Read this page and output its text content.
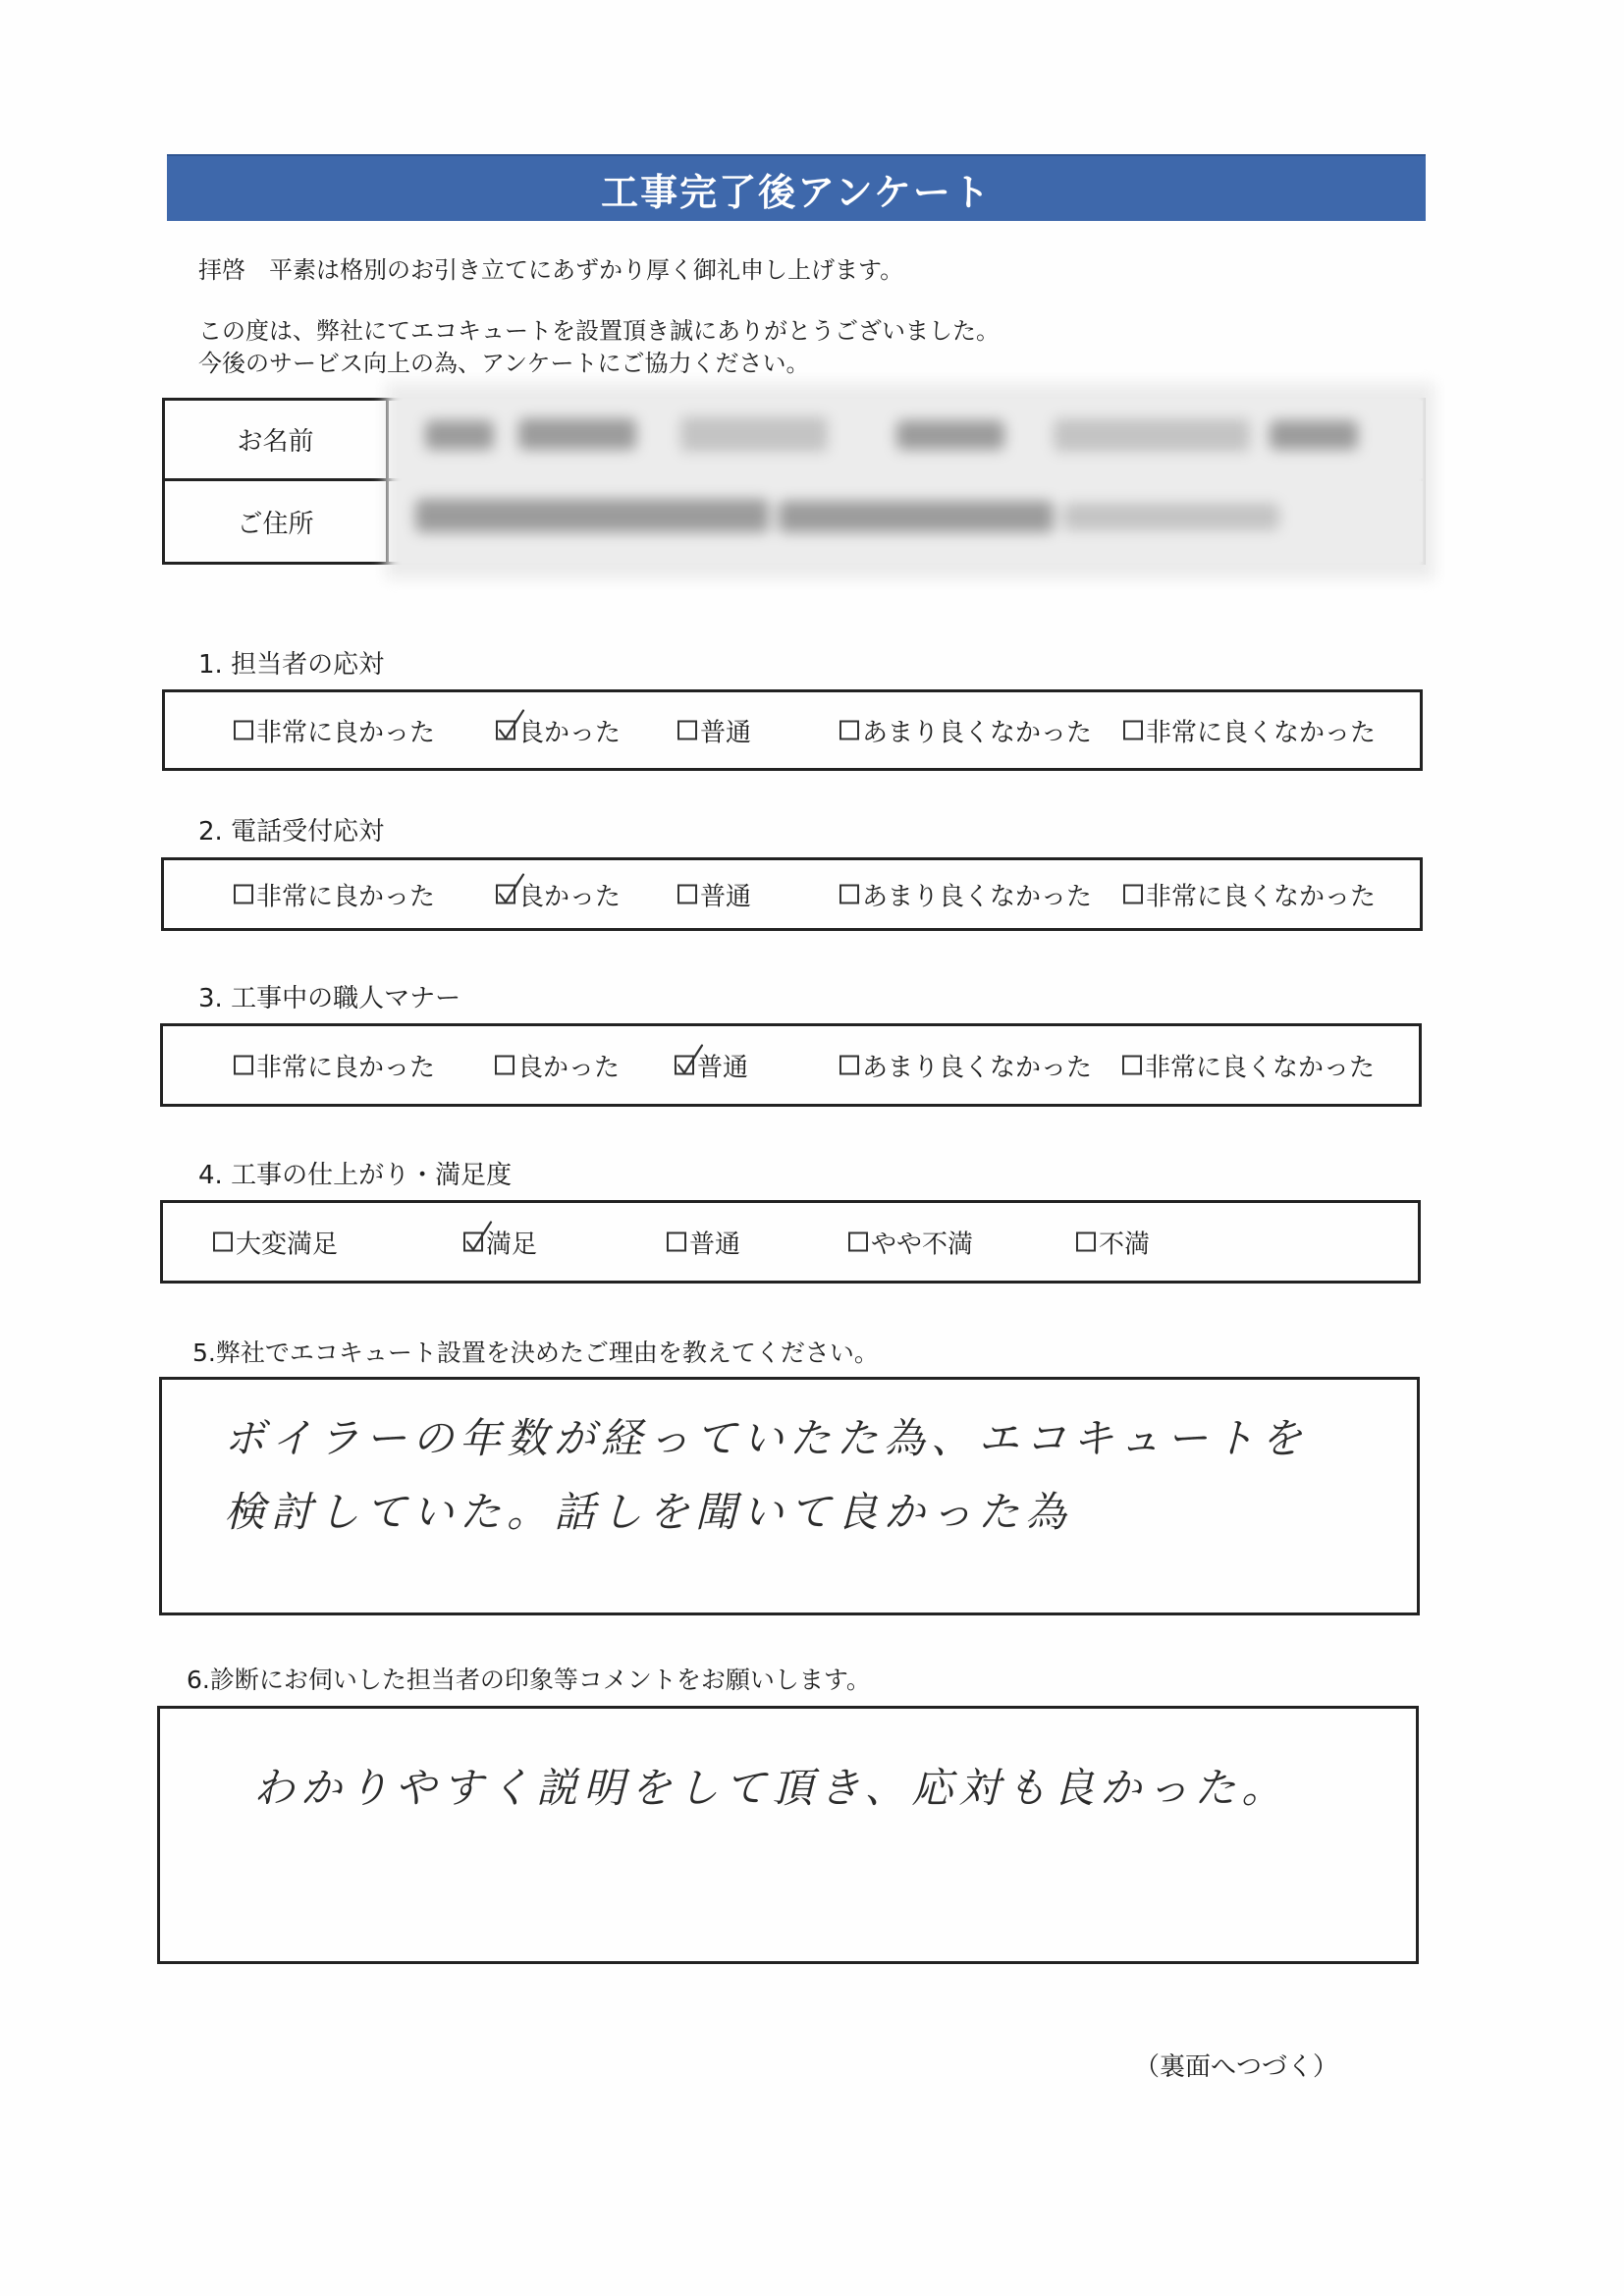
工事完了後アンケート
拝啓　平素は格別のお引き立てにあずかり厚く御礼申し上げます。
この度は、弊社にてエコキュートを設置頂き誠にありがとうございました。
今後のサービス向上の為、アンケートにご協力ください。
お名前
ご住所
1. 担当者の応対
非常に良かった	良かった	普通	あまり良くなかった 非常に良くなかった
2. 電話受付応対
非常に良かった	良かった	普通	あまり良くなかった 非常に良くなかった
3. 工事中の職人マナー
非常に良かった	良かった	普通	あまり良くなかった 非常に良くなかった
4. 工事の仕上がり・満足度
大変満足	満足	普通	やや不満	不満
5.弊社でエコキュート設置を決めたご理由を教えてください。
ボイラーの年数が経っていたた為、エコキュートを
検討していた。話しを聞いて良かった為
6.診断にお伺いした担当者の印象等コメントをお願いします。
わかりやすく説明をして頂き、応対も良かった。
（裏面へつづく）
